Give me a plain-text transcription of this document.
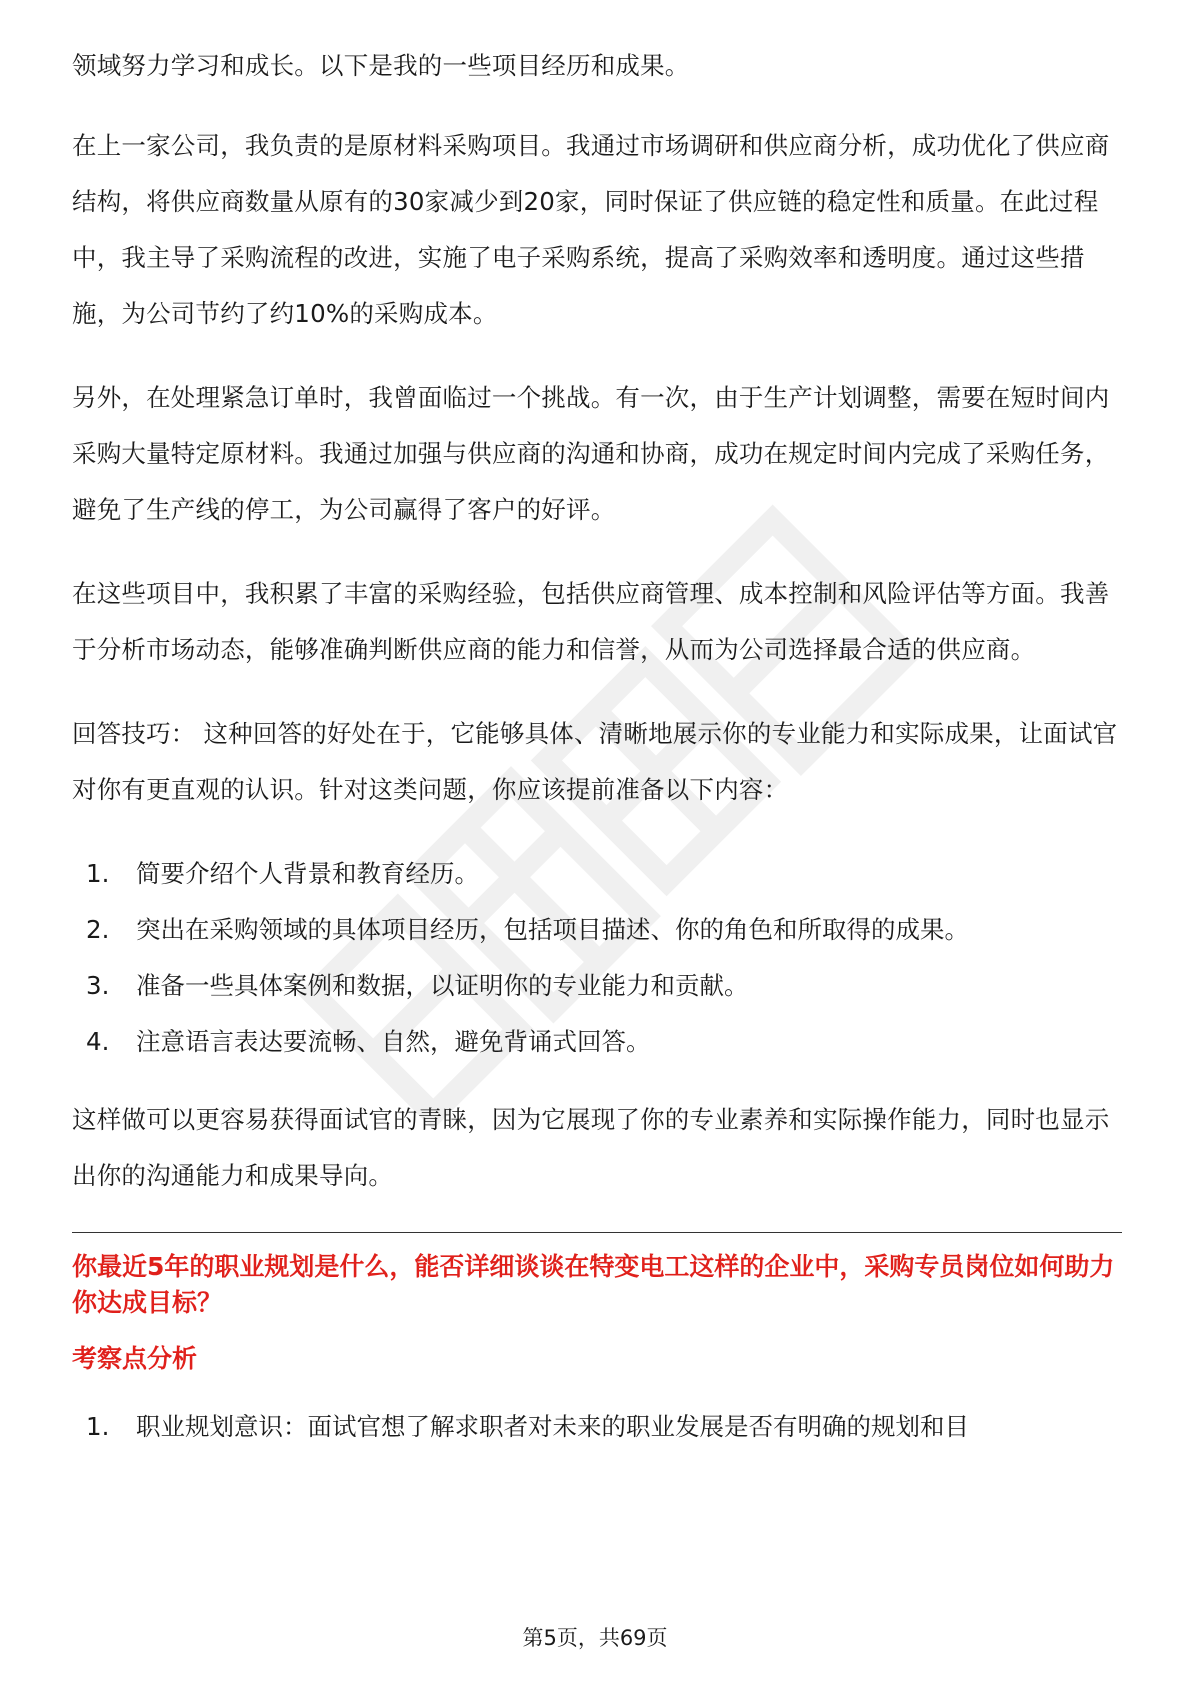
领域努力学习和成长。以下是我的一些项目经历和成果。

在上一家公司，我负责的是原材料采购项目。我通过市场调研和供应商分析，成功优化了供应商结构，将供应商数量从原有的30家减少到20家，同时保证了供应链的稳定性和质量。在此过程中，我主导了采购流程的改进，实施了电子采购系统，提高了采购效率和透明度。通过这些措施，为公司节约了约10%的采购成本。

另外，在处理紧急订单时，我曾面临过一个挑战。有一次，由于生产计划调整，需要在短时间内采购大量特定原材料。我通过加强与供应商的沟通和协商，成功在规定时间内完成了采购任务，避免了生产线的停工，为公司赢得了客户的好评。

在这些项目中，我积累了丰富的采购经验，包括供应商管理、成本控制和风险评估等方面。我善于分析市场动态，能够准确判断供应商的能力和信誉，从而为公司选择最合适的供应商。

回答技巧： 这种回答的好处在于，它能够具体、清晰地展示你的专业能力和实际成果，让面试官对你有更直观的认识。针对这类问题，你应该提前准备以下内容：

1.	简要介绍个人背景和教育经历。
2.	突出在采购领域的具体项目经历，包括项目描述、你的角色和所取得的成果。
3.	准备一些具体案例和数据，以证明你的专业能力和贡献。
4.	注意语言表达要流畅、自然，避免背诵式回答。

这样做可以更容易获得面试官的青睐，因为它展现了你的专业素养和实际操作能力，同时也显示出你的沟通能力和成果导向。

你最近5年的职业规划是什么，能否详细谈谈在特变电工这样的企业中，采购专员岗位如何助力你达成目标？
考察点分析
1.	职业规划意识：面试官想了解求职者对未来的职业发展是否有明确的规划和目
第5页，共69页
